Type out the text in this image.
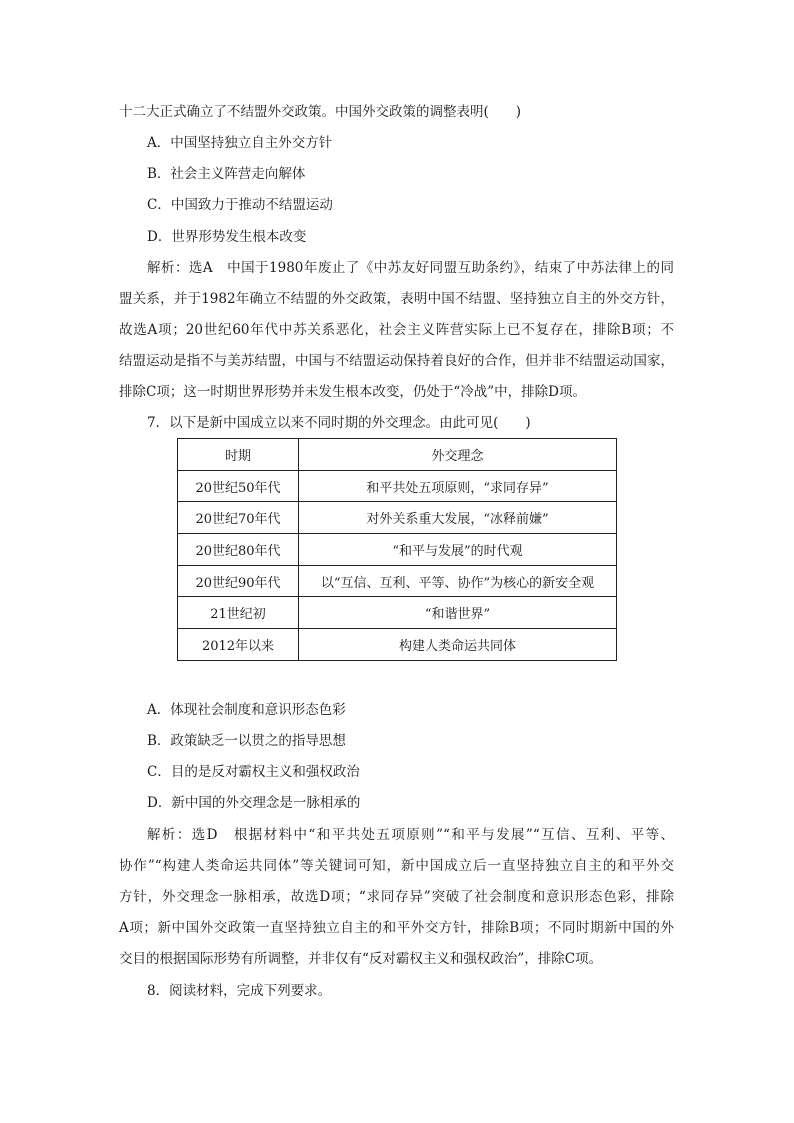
十二大正式确立了不结盟外交政策。中国外交政策的调整表明(　　)
A．中国坚持独立自主外交方针
B．社会主义阵营走向解体
C．中国致力于推动不结盟运动
D．世界形势发生根本改变
解析：选A　中国于1980年废止了《中苏友好同盟互助条约》，结束了中苏法律上的同
盟关系，并于1982年确立不结盟的外交政策，表明中国不结盟、坚持独立自主的外交方针，
故选A项；20世纪60年代中苏关系恶化，社会主义阵营实际上已不复存在，排除B项；不
结盟运动是指不与美苏结盟，中国与不结盟运动保持着良好的合作，但并非不结盟运动国家，
排除C项；这一时期世界形势并未发生根本改变，仍处于“冷战”中，排除D项。
7．以下是新中国成立以来不同时期的外交理念。由此可见(　　)
时期	外交理念
20世纪50年代	和平共处五项原则，“求同存异”
20世纪70年代	对外关系重大发展，“冰释前嫌”
20世纪80年代	“和平与发展”的时代观
20世纪90年代	以“互信、互利、平等、协作”为核心的新安全观
21世纪初	“和谐世界”
2012年以来	构建人类命运共同体
A．体现社会制度和意识形态色彩
B．政策缺乏一以贯之的指导思想
C．目的是反对霸权主义和强权政治
D．新中国的外交理念是一脉相承的
解析：选D　根据材料中“和平共处五项原则”“和平与发展”“互信、互利、平等、
协作”“构建人类命运共同体”等关键词可知，新中国成立后一直坚持独立自主的和平外交
方针，外交理念一脉相承，故选D项；“求同存异”突破了社会制度和意识形态色彩，排除
A项；新中国外交政策一直坚持独立自主的和平外交方针，排除B项；不同时期新中国的外
交目的根据国际形势有所调整，并非仅有“反对霸权主义和强权政治”，排除C项。
8．阅读材料，完成下列要求。
